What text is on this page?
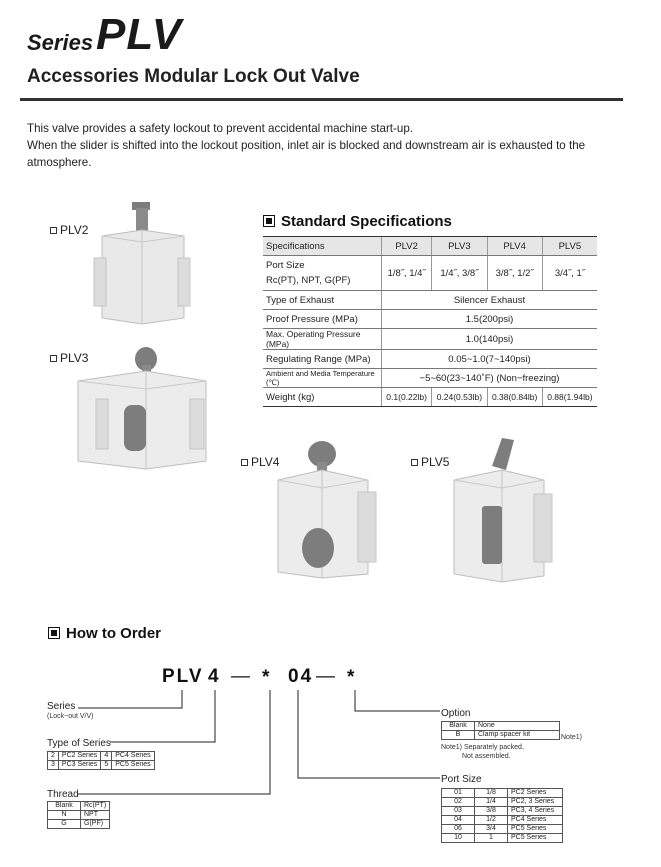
Series PLV
Accessories Modular Lock Out Valve

This valve provides a safety lockout to prevent accidental machine start-up.

When the slider is shifted into the lockout position, inlet air is blocked and downstream air is exhausted to the atmosphere.

PLV2
PLV3
PLV4	PLV5
Standard Specifications
Specifications	PLV2	PLV3	PLV4	PLV5
Port Size
Rc(PT), NPT, G(PF)	1/8˝, 1/4˝	1/4˝, 3/8˝	3/8˝, 1/2˝	3/4˝, 1˝
Type of Exhaust	Silencer Exhaust			
Proof Pressure (MPa)	1.5(200psi)			
Max. Operating Pressure (MPa)	1.0(140psi)			
Regulating Range (MPa)	0.05~1.0(7~140psi)			
Ambient and Media Temperature (℃)	−5~60(23~140˚F) (Non−freezing)			
Weight (kg)	0.1(0.22lb)	0.24(0.53lb)	0.38(0.84lb)	0.88(1.94lb)
How to Order
PLV 4 — * 04 — *
Series
(Lock−out V/V)
Type of Series
2	PC2 Series	4	PC4 Series
3	PC3 Series	5	PC5 Series
Thread
Blank	Rc(PT)
N	NPT
G	G(PF)
Option
Blank	None
B	Clamp spacer kit	Note1)
Note1) Separately packed,
Not assembled.
Port Size
01	1/8	PC2 Series
02	1/4	PC2, 3 Series
03	3/8	PC3, 4 Series
04	1/2	PC4 Series
06	3/4	PC5 Series
10	1	PC5 Series
